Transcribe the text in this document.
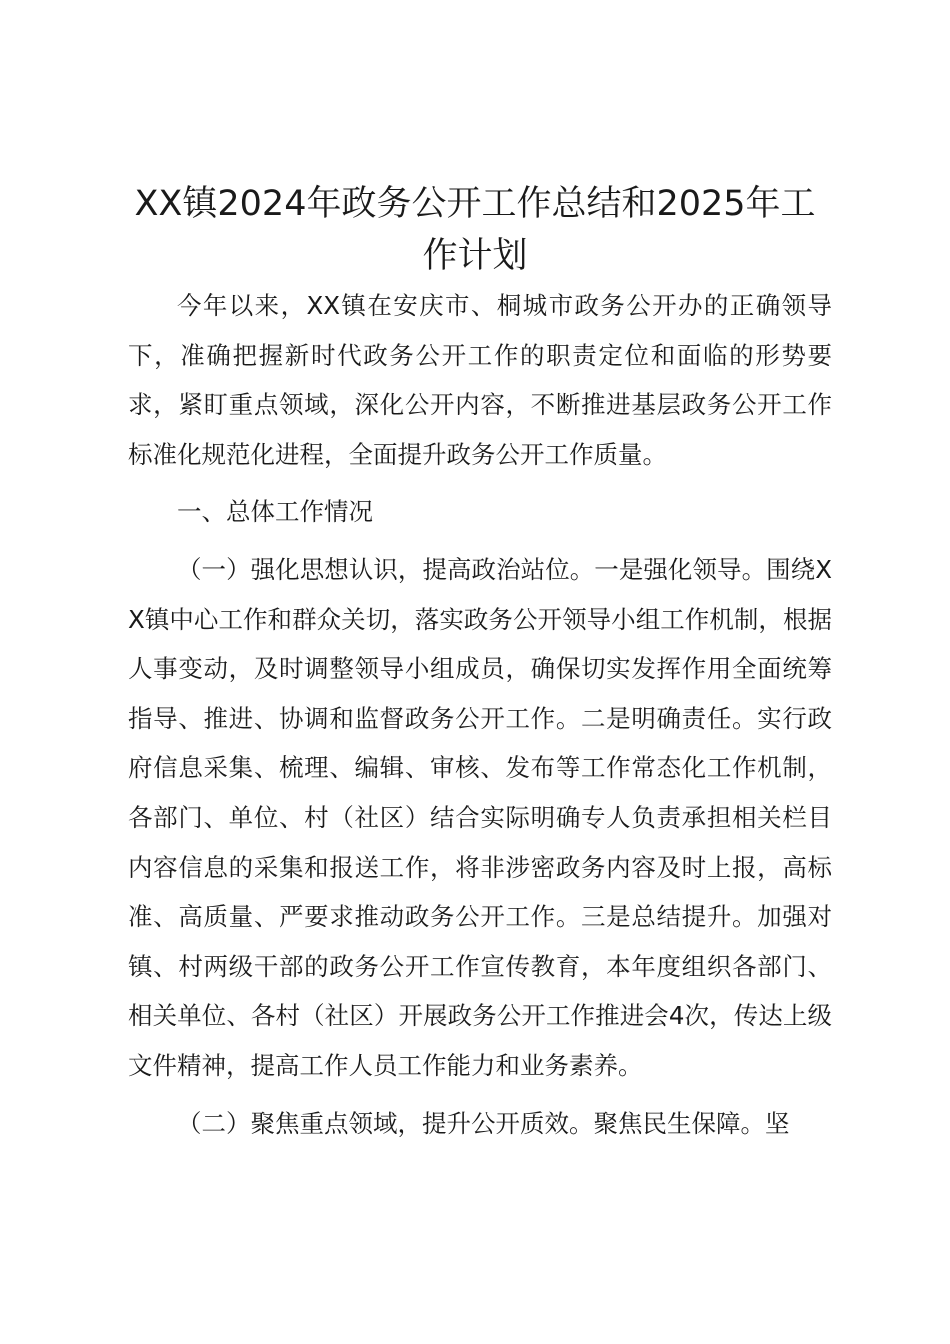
XX镇2024年政务公开工作总结和2025年工作计划

今年以来，XX镇在安庆市、桐城市政务公开办的正确领导下，准确把握新时代政务公开工作的职责定位和面临的形势要求，紧盯重点领域，深化公开内容，不断推进基层政务公开工作标准化规范化进程，全面提升政务公开工作质量。

一、总体工作情况

（一）强化思想认识，提高政治站位。一是强化领导。围绕XX镇中心工作和群众关切，落实政务公开领导小组工作机制，根据人事变动，及时调整领导小组成员，确保切实发挥作用全面统筹指导、推进、协调和监督政务公开工作。二是明确责任。实行政府信息采集、梳理、编辑、审核、发布等工作常态化工作机制，各部门、单位、村（社区）结合实际明确专人负责承担相关栏目内容信息的采集和报送工作，将非涉密政务内容及时上报，高标准、高质量、严要求推动政务公开工作。三是总结提升。加强对镇、村两级干部的政务公开工作宣传教育，本年度组织各部门、相关单位、各村（社区）开展政务公开工作推进会4次，传达上级文件精神，提高工作人员工作能力和业务素养。

（二）聚焦重点领域，提升公开质效。聚焦民生保障。坚
